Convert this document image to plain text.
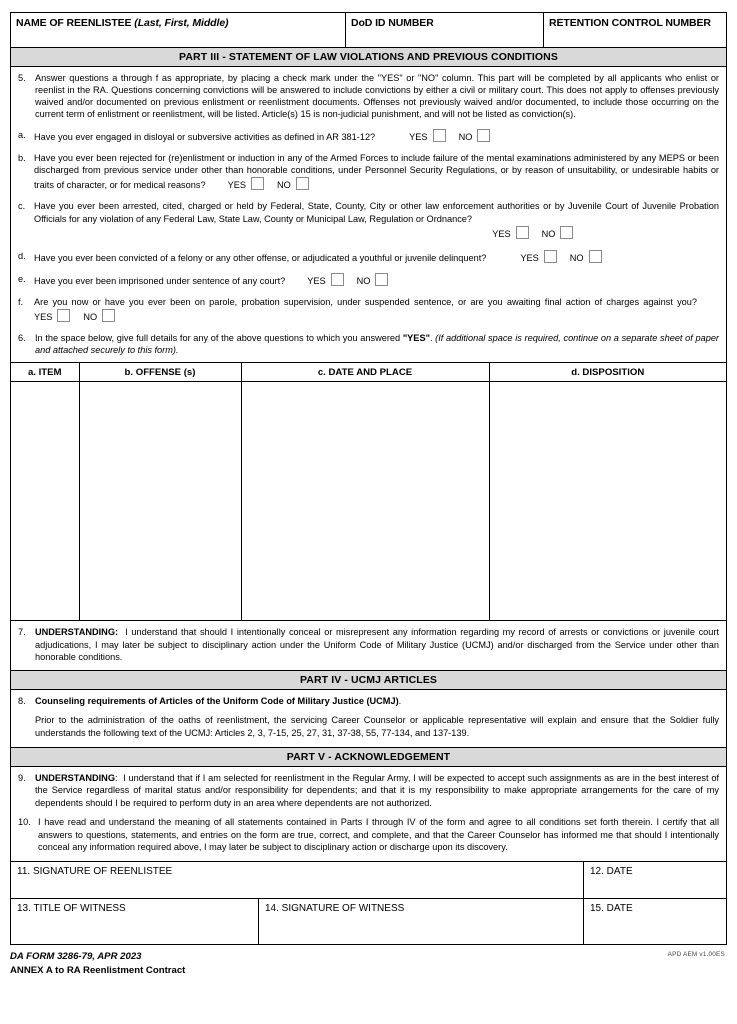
NAME OF REENLISTEE (Last, First, Middle)	DoD ID NUMBER	RETENTION CONTROL NUMBER
PART III - STATEMENT OF LAW VIOLATIONS AND PREVIOUS CONDITIONS
5.	Answer questions a through f as appropriate, by placing a check mark under the "YES" or "NO" column. This part will be completed by all applicants who enlist or reenlist in the RA. Questions concerning convictions will be answered to include convictions by either a civil or military court. This does not apply to offenses previously waived and/or documented on previous enlistment or reenlistment documents. Offenses not previously waived and/or documented, to include those occurring on the current term of enlistment or reenlistment, will be listed. Article(s) 15 is non-judicial punishment, and will not be listed as conviction(s).
a. Have you ever engaged in disloyal or subversive activities as defined in AR 381-12?	YES	NO
b. Have you ever been rejected for (re)enlistment or induction in any of the Armed Forces to include failure of the mental examinations administered by any MEPS or been discharged from previous service under other than honorable conditions, under Personnel Security Regulations, or by reason of unsuitability, or undesirable habits or traits of character, or for medical reasons? YES	NO
c. Have you ever been arrested, cited, charged or held by Federal, State, County, City or other law enforcement authorities or by Juvenile Court of Juvenile Probation Officials for any violation of any Federal Law, State Law, County or Municipal Law, Regulation or Ordnance?
YES	NO
d. Have you ever been convicted of a felony or any other offense, or adjudicated a youthful or juvenile delinquent?	YES	NO
e. Have you ever been imprisoned under sentence of any court? YES	NO
f.	Are you now or have you ever been on parole, probation supervision, under suspended sentence, or are you awaiting final action of charges against you?YES	NO
6.	In the space below, give full details for any of the above questions to which you answered "YES". (If additional space is required, continue on a separate sheet of paper and attached securely to this form).
a. ITEM	b. OFFENSE (s)	c. DATE AND PLACE	d. DISPOSITION

7.	UNDERSTANDING: I understand that should I intentionally conceal or misrepresent any information regarding my record of arrests or convictions or juvenile court adjudications, I may later be subject to disciplinary action under the Uniform Code of Military Justice (UCMJ) and/or discharged from the Service under other than honorable conditions.
PART IV - UCMJ ARTICLES
8.	Counseling requirements of Articles of the Uniform Code of Military Justice (UCMJ).
Prior to the administration of the oaths of reenlistment, the servicing Career Counselor or applicable representative will explain and ensure that the Soldier fully understands the following text of the UCMJ: Articles 2, 3, 7-15, 25, 27, 31, 37-38, 55, 77-134, and 137-139.
PART V - ACKNOWLEDGEMENT
9.	UNDERSTANDING: I understand that if I am selected for reenlistment in the Regular Army, I will be expected to accept such assignments as are in the best interest of the Service regardless of marital status and/or responsibility for dependents; and that it is my responsibility to make appropriate arrangements for the care of my dependents should I be required to perform duty in an area where dependents are not authorized.
10. I have read and understand the meaning of all statements contained in Parts I through IV of the form and agree to all conditions set forth therein. I certify that all answers to questions, statements, and entries on the form are true, correct, and complete, and that the Career Counselor has informed me that should I intentionally conceal any information required above, I may later be subject to disciplinary action or discharge upon its discovery.
11. SIGNATURE OF REENLISTEE	12. DATE
13. TITLE OF WITNESS	14. SIGNATURE OF WITNESS	15. DATE
DA FORM 3286-79, APR 2023
ANNEX A to RA Reenlistment Contract
APD AEM v1.00ES
